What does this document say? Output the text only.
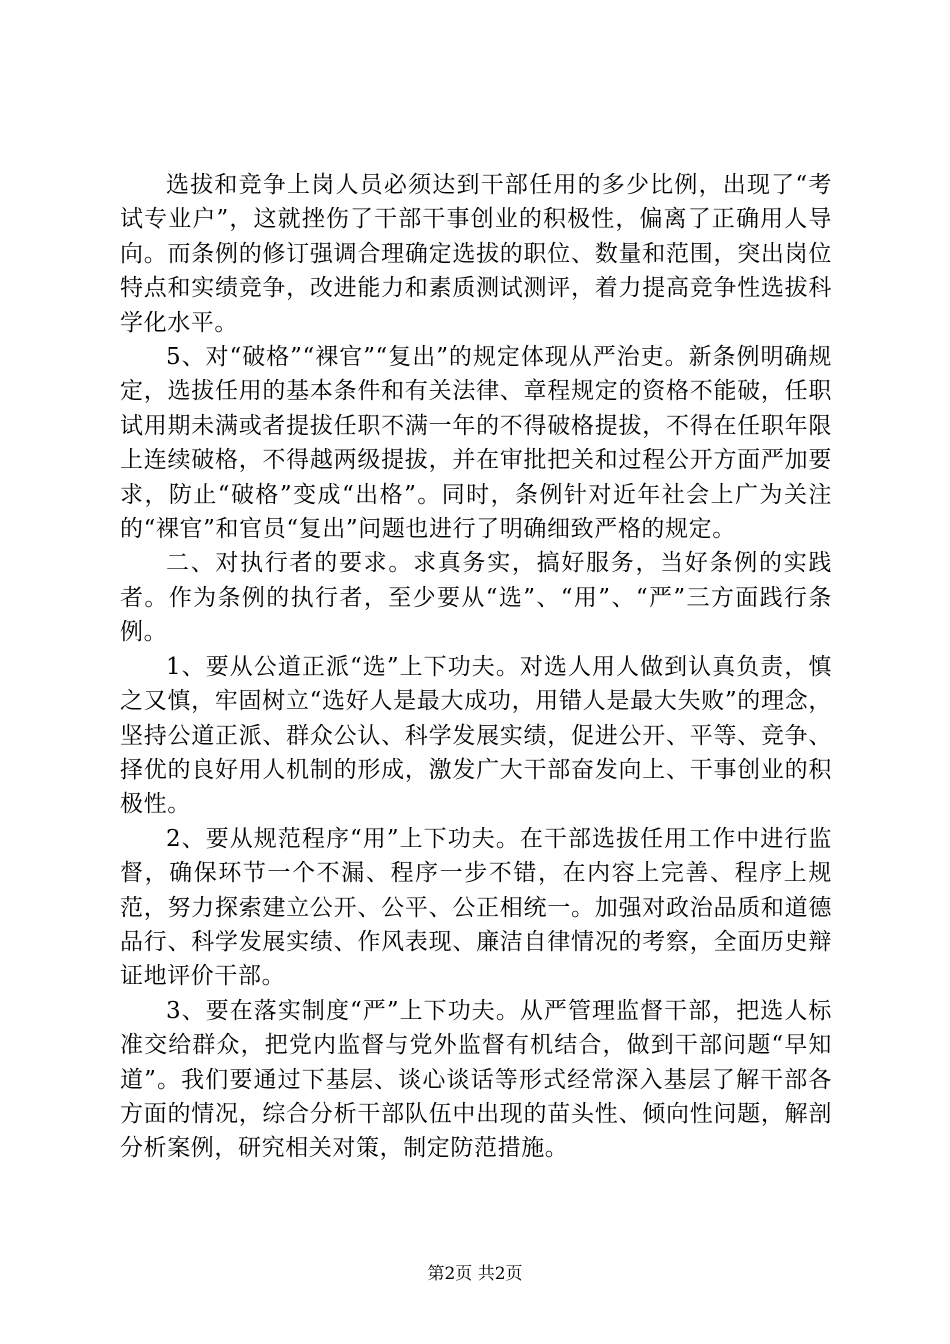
选拔和竞争上岗人员必须达到干部任用的多少比例，出现了“考试专业户”，这就挫伤了干部干事创业的积极性，偏离了正确用人导向。而条例的修订强调合理确定选拔的职位、数量和范围，突出岗位特点和实绩竞争，改进能力和素质测试测评，着力提高竞争性选拔科学化水平。

5、对“破格”“裸官”“复出”的规定体现从严治吏。新条例明确规定，选拔任用的基本条件和有关法律、章程规定的资格不能破，任职试用期未满或者提拔任职不满一年的不得破格提拔，不得在任职年限上连续破格，不得越两级提拔，并在审批把关和过程公开方面严加要求，防止“破格”变成“出格”。同时，条例针对近年社会上广为关注的“裸官”和官员“复出”问题也进行了明确细致严格的规定。

二、对执行者的要求。求真务实，搞好服务，当好条例的实践者。作为条例的执行者，至少要从“选”、“用”、“严”三方面践行条例。

1、要从公道正派“选”上下功夫。对选人用人做到认真负责，慎之又慎，牢固树立“选好人是最大成功，用错人是最大失败”的理念，坚持公道正派、群众公认、科学发展实绩，促进公开、平等、竞争、择优的良好用人机制的形成，激发广大干部奋发向上、干事创业的积极性。

2、要从规范程序“用”上下功夫。在干部选拔任用工作中进行监督，确保环节一个不漏、程序一步不错，在内容上完善、程序上规范，努力探索建立公开、公平、公正相统一。加强对政治品质和道德品行、科学发展实绩、作风表现、廉洁自律情况的考察，全面历史辩证地评价干部。

3、要在落实制度“严”上下功夫。从严管理监督干部，把选人标准交给群众，把党内监督与党外监督有机结合，做到干部问题“早知道”。我们要通过下基层、谈心谈话等形式经常深入基层了解干部各方面的情况，综合分析干部队伍中出现的苗头性、倾向性问题，解剖分析案例，研究相关对策，制定防范措施。

第2页 共2页
